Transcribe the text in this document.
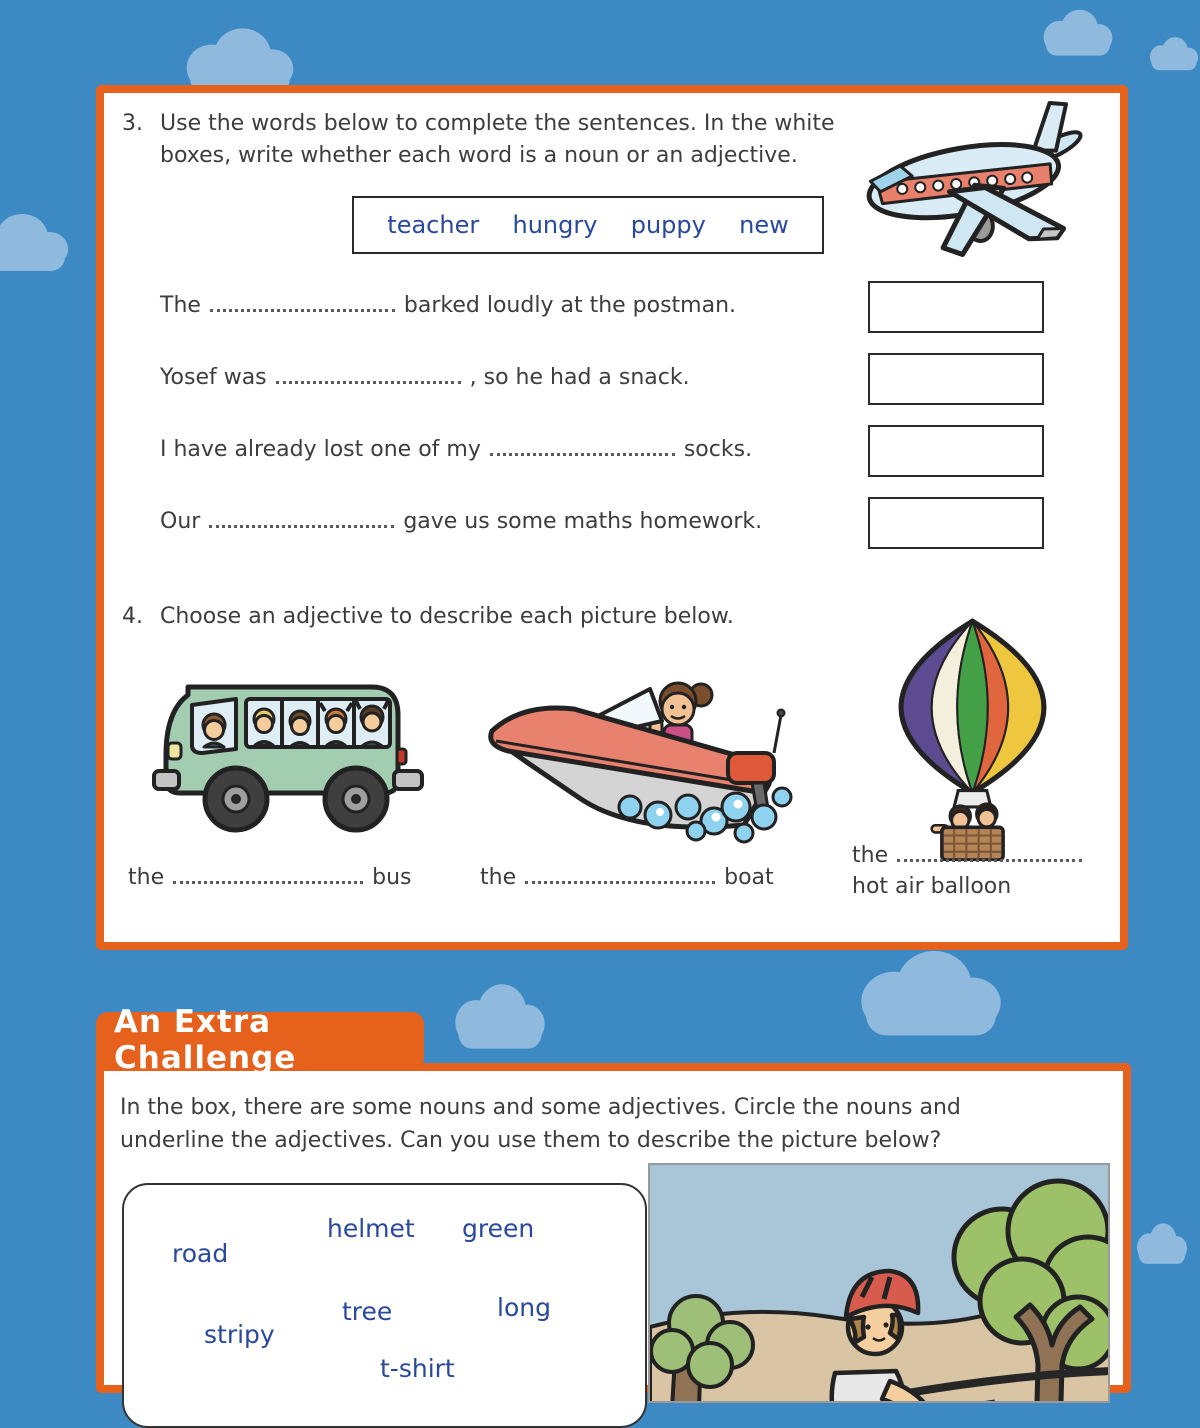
3. Use the words below to complete the sentences. In the white boxes, write whether each word is a noun or an adjective.
teacher hungry puppy new
The	barked loudly at the postman.
Yosef was	, so he had a snack.
I have already lost one of my	socks.
Our	gave us some maths homework.
4. Choose an adjective to describe each picture below.
the	bus	the	boat
the
hot air balloon
An Extra Challenge
In the box, there are some nouns and some adjectives. Circle the nouns and underline the adjectives. Can you use them to describe the picture below?
road
helmet green
tree	long
stripy
t-shirt
